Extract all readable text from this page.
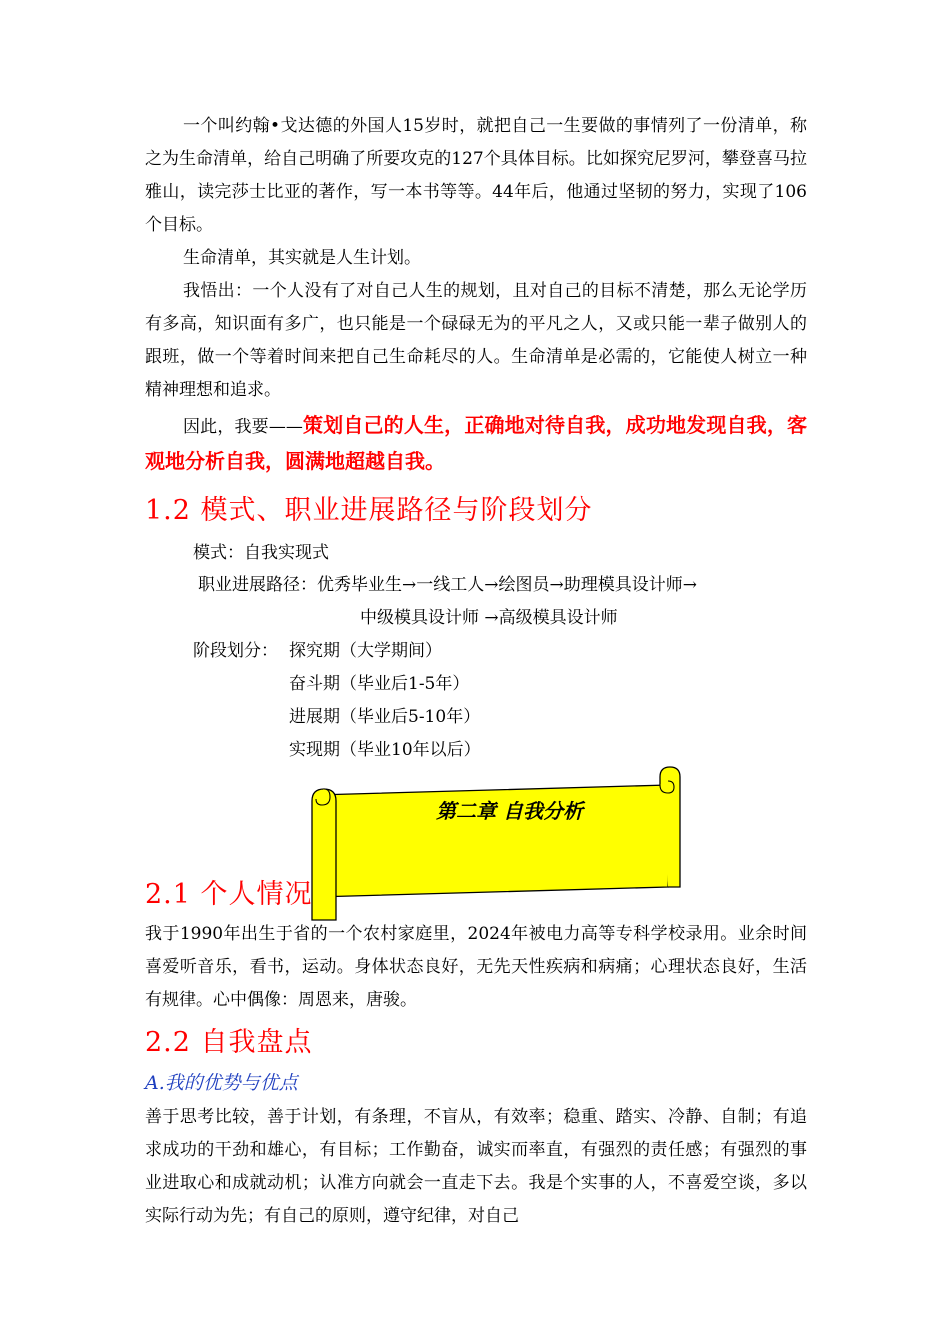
一个叫约翰•戈达德的外国人15岁时，就把自己一生要做的事情列了一份清单，称之为生命清单，给自己明确了所要攻克的127个具体目标。比如探究尼罗河，攀登喜马拉雅山，读完莎士比亚的著作，写一本书等等。44年后，他通过坚韧的努力，实现了106个目标。

生命清单，其实就是人生计划。

我悟出：一个人没有了对自己人生的规划，且对自己的目标不清楚，那么无论学历有多高，知识面有多广，也只能是一个碌碌无为的平凡之人，又或只能一辈子做别人的跟班，做一个等着时间来把自己生命耗尽的人。生命清单是必需的，它能使人树立一种精神理想和追求。

因此，我要——策划自己的人生，正确地对待自我，成功地发现自我，客观地分析自我，圆满地超越自我。

1.2 模式、职业进展路径与阶段划分

模式：自我实现式

职业进展路径：优秀毕业生→一线工人→绘图员→助理模具设计师→

中级模具设计师 →高级模具设计师

阶段划分： 探究期（大学期间）

奋斗期（毕业后1-5年）

进展期（毕业后5-10年）

实现期（毕业10年以后）

第二章 自我分析
2.1 个人情况

我于1990年出生于省的一个农村家庭里，2024年被电力高等专科学校录用。业余时间喜爱听音乐，看书，运动。身体状态良好，无先天性疾病和病痛；心理状态良好，生活有规律。心中偶像：周恩来，唐骏。

2.2 自我盘点

A.我的优势与优点

善于思考比较，善于计划，有条理，不盲从，有效率；稳重、踏实、冷静、自制；有追求成功的干劲和雄心，有目标；工作勤奋，诚实而率直，有强烈的责任感；有强烈的事业进取心和成就动机；认准方向就会一直走下去。我是个实事的人，不喜爱空谈，多以实际行动为先；有自己的原则，遵守纪律，对自己
